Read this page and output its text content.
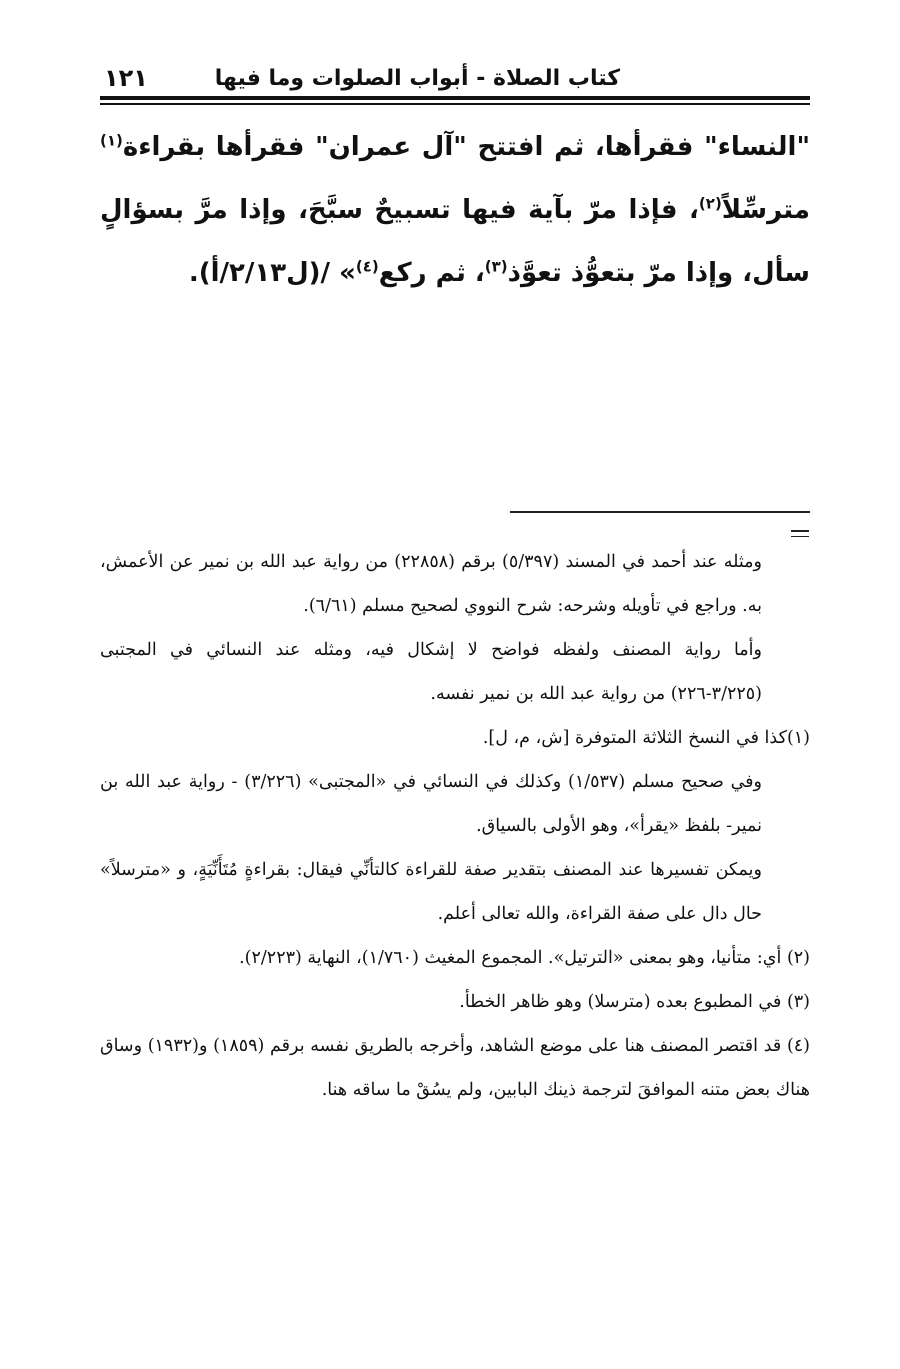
كتاب الصلاة - أبواب الصلوات وما فيها
١٢١

"النساء" فقرأها، ثم افتتح "آل عمران" فقرأها بقراءة$^{(١)}$ مترسِّلاً$^{(٢)}$، فإذا مرّ بآية فيها تسبيحٌ سبَّحَ، وإذا مرَّ بسؤالٍ سأل، وإذا مرّ بتعوُّذ تعوَّذ$^{(٣)}$، ثم ركع$^{(٤)}$» /(ل٢/١٣/أ).

ومثله عند أحمد في المسند (٥/٣٩٧) برقم (٢٢٨٥٨) من رواية عبد الله بن نمير عن الأعمش، به. وراجع في تأويله وشرحه: شرح النووي لصحيح مسلم (٦/٦١).

وأما رواية المصنف ولفظه فواضح لا إشكال فيه، ومثله عند النسائي في المجتبى (٣/٢٢٥-٢٢٦) من رواية عبد الله بن نمير نفسه.

(١)كذا في النسخ الثلاثة المتوفرة [ش، م، ل].

وفي صحيح مسلم (١/٥٣٧) وكذلك في النسائي في «المجتبى» (٣/٢٢٦) - رواية عبد الله بن نمير- بلفظ «يقرأ»، وهو الأولى بالسياق.

ويمكن تفسيرها عند المصنف بتقدير صفة للقراءة كالتأنِّي فيقال: بقراءةٍ مُتَأَنِّيَةٍ، و «مترسلاً» حال دال على صفة القراءة، والله تعالى أعلم.

(٢) أي: متأنيا، وهو بمعنى «الترتيل». المجموع المغيث (١/٧٦٠)، النهاية (٢/٢٢٣).

(٣) في المطبوع بعده (مترسلا) وهو ظاهر الخطأ.

(٤) قد اقتصر المصنف هنا على موضع الشاهد، وأخرجه بالطريق نفسه برقم (١٨٥٩) و(١٩٣٢) وساق هناك بعض متنه الموافقَ لترجمة ذينك البابين، ولم يسُقْ ما ساقه هنا.
